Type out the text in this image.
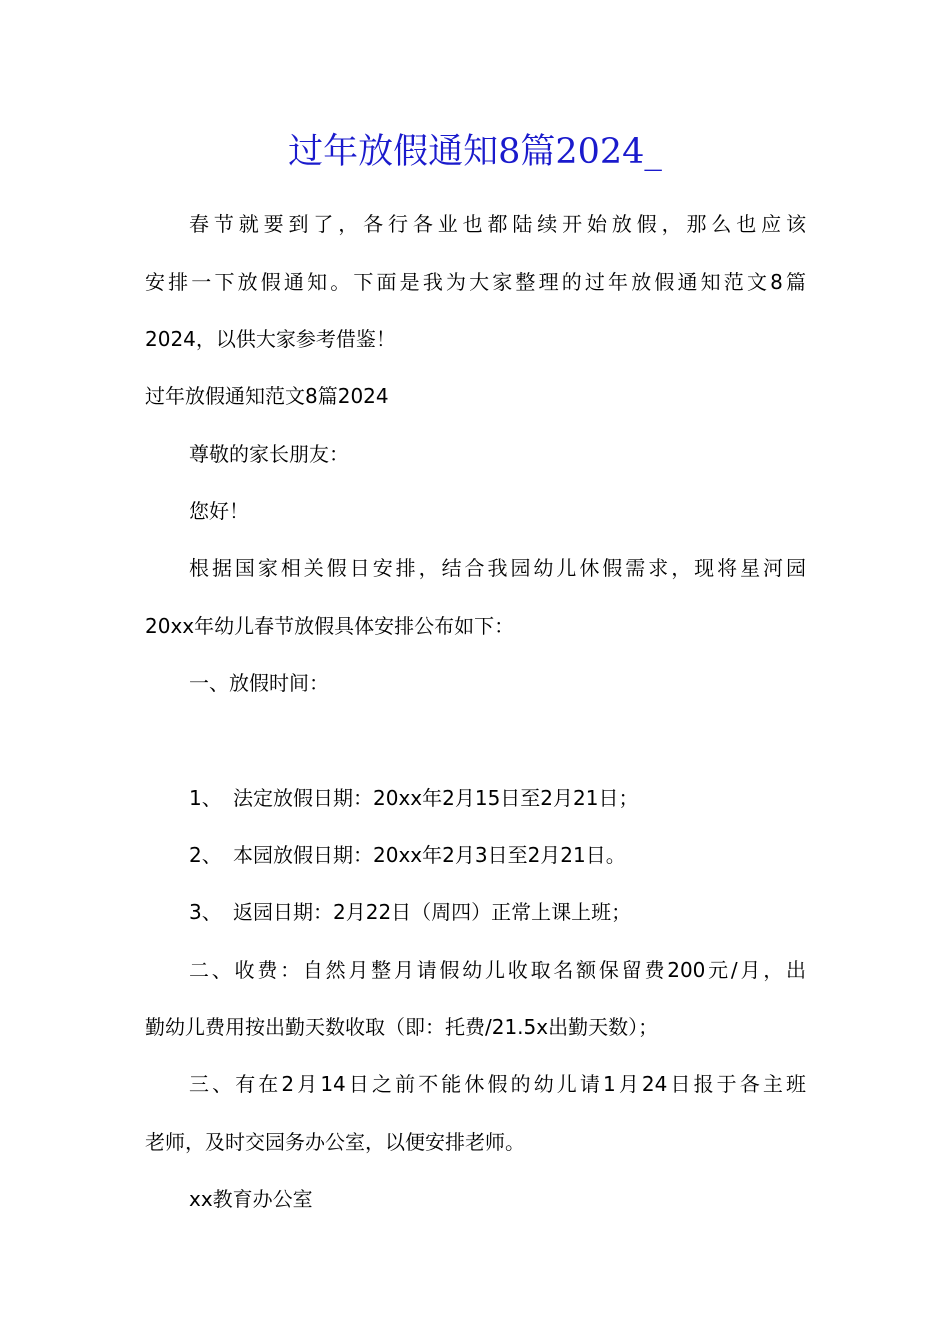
过年放假通知8篇2024_
春节就要到了，各行各业也都陆续开始放假，那么也应该
安排一下放假通知。下面是我为大家整理的过年放假通知范文8篇
2024，以供大家参考借鉴！
过年放假通知范文8篇2024
尊敬的家长朋友：
您好！
根据国家相关假日安排，结合我园幼儿休假需求，现将星河园
20xx年幼儿春节放假具体安排公布如下：
一、放假时间：
1、 法定放假日期：20xx年2月15日至2月21日；
2、 本园放假日期：20xx年2月3日至2月21日。
3、 返园日期：2月22日（周四）正常上课上班；
二、收费：自然月整月请假幼儿收取名额保留费200元/月，出
勤幼儿费用按出勤天数收取（即：托费/21.5x出勤天数）；
三、有在2月14日之前不能休假的幼儿请1月24日报于各主班
老师，及时交园务办公室，以便安排老师。
xx教育办公室
